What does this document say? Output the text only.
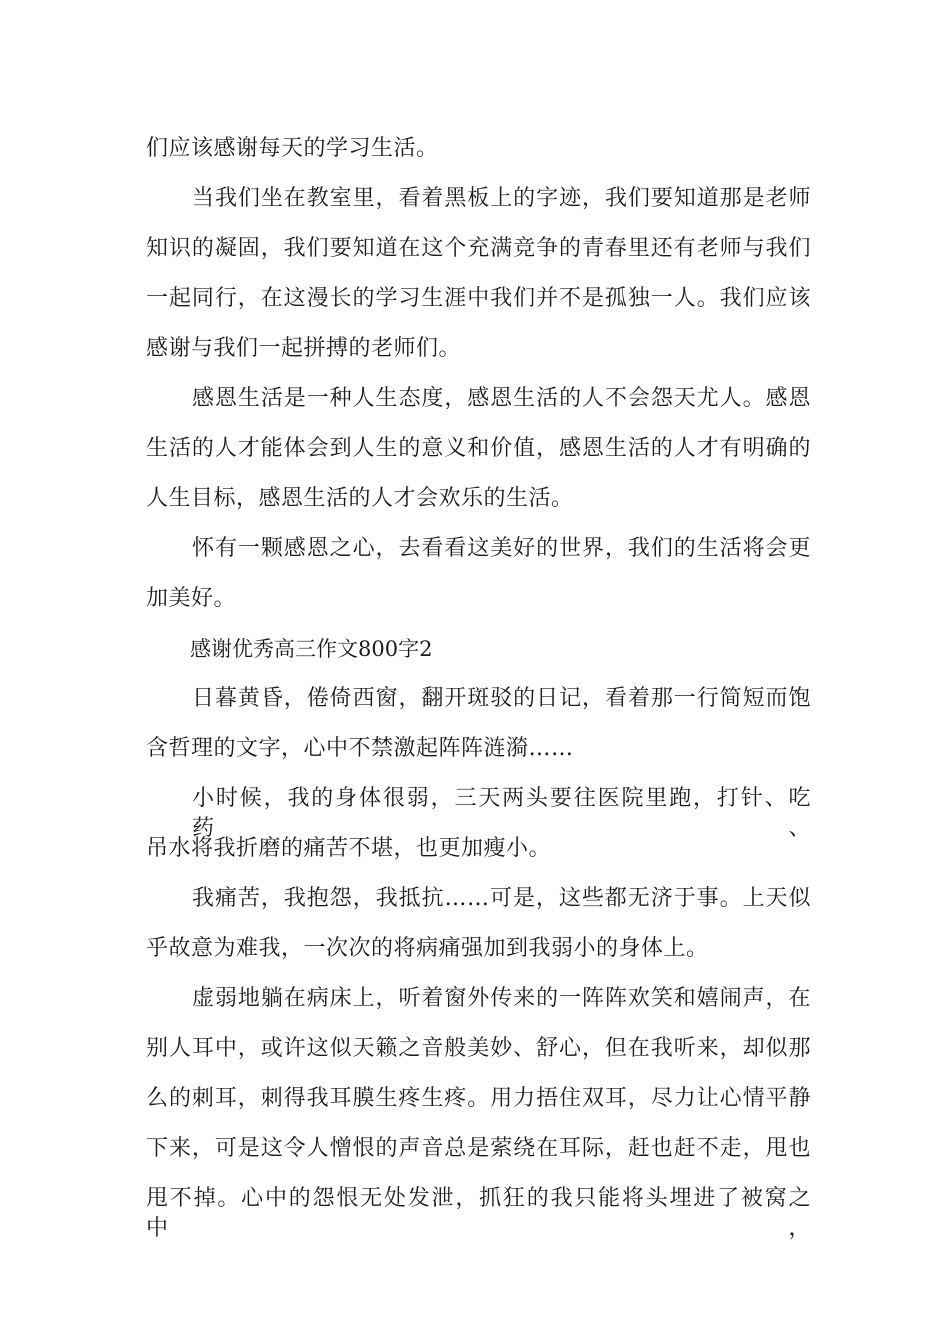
们应该感谢每天的学习生活。
当我们坐在教室里，看着黑板上的字迹，我们要知道那是老师
知识的凝固，我们要知道在这个充满竞争的青春里还有老师与我们
一起同行，在这漫长的学习生涯中我们并不是孤独一人。我们应该
感谢与我们一起拼搏的老师们。
感恩生活是一种人生态度，感恩生活的人不会怨天尤人。感恩
生活的人才能体会到人生的意义和价值，感恩生活的人才有明确的
人生目标，感恩生活的人才会欢乐的生活。
怀有一颗感恩之心，去看看这美好的世界，我们的生活将会更
加美好。
感谢优秀高三作文800字2
日暮黄昏，倦倚西窗，翻开斑驳的日记，看着那一行简短而饱
含哲理的文字，心中不禁激起阵阵涟漪……
小时候，我的身体很弱，三天两头要往医院里跑，打针、吃药、
吊水将我折磨的痛苦不堪，也更加瘦小。
我痛苦，我抱怨，我抵抗……可是，这些都无济于事。上天似
乎故意为难我，一次次的将病痛强加到我弱小的身体上。
虚弱地躺在病床上，听着窗外传来的一阵阵欢笑和嬉闹声，在
别人耳中，或许这似天籁之音般美妙、舒心，但在我听来，却似那
么的刺耳，刺得我耳膜生疼生疼。用力捂住双耳，尽力让心情平静
下来，可是这令人憎恨的声音总是萦绕在耳际，赶也赶不走，甩也
甩不掉。心中的怨恨无处发泄，抓狂的我只能将头埋进了被窝之中，
